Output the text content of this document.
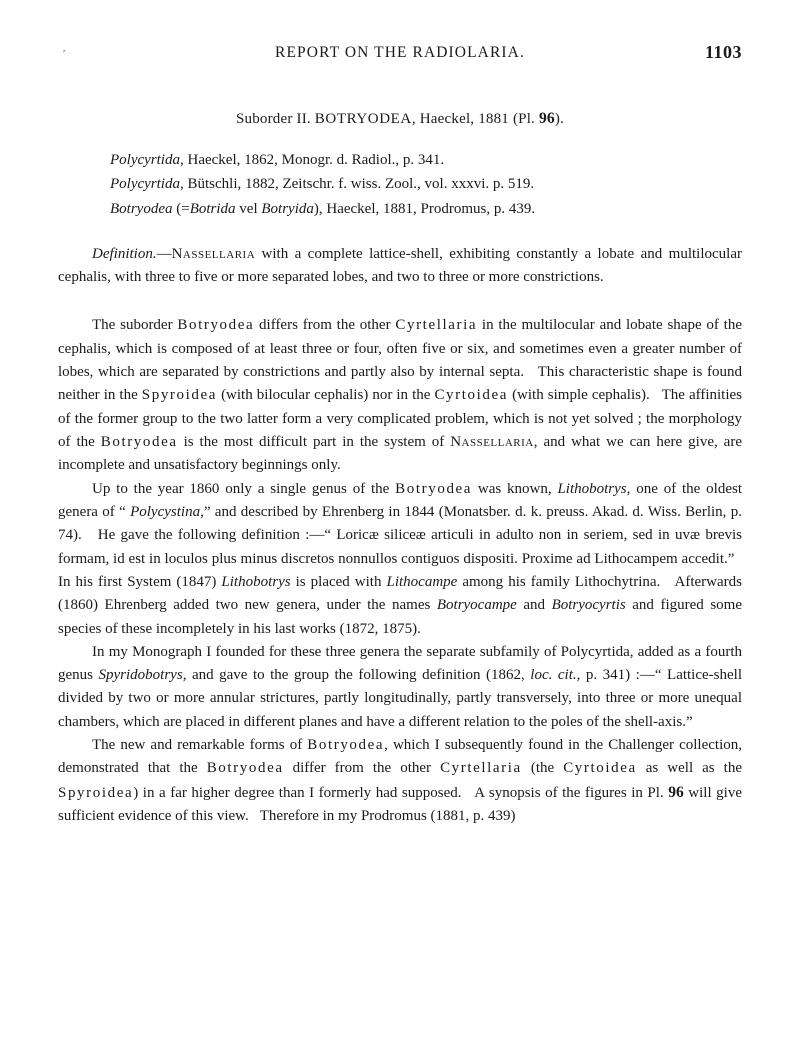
′	REPORT ON THE RADIOLARIA.	1103
Suborder II. BOTRYODEA, Haeckel, 1881 (Pl. 96).
Polycyrtida, Haeckel, 1862, Monogr. d. Radiol., p. 341.
Polycyrtida, Bütschli, 1882, Zeitschr. f. wiss. Zool., vol. xxxvi. p. 519.
Botryodea (=Botrida vel Botryida), Haeckel, 1881, Prodromus, p. 439.
Definition.—Nassellaria with a complete lattice-shell, exhibiting constantly a lobate and multilocular cephalis, with three to five or more separated lobes, and two to three or more constrictions.

The suborder Botryodea differs from the other Cyrtellaria in the multilocular and lobate shape of the cephalis, which is composed of at least three or four, often five or six, and sometimes even a greater number of lobes, which are separated by constrictions and partly also by internal septa.   This characteristic shape is found neither in the Spyroidea (with bilocular cephalis) nor in the Cyrtoidea (with simple cephalis).   The affinities of the former group to the two latter form a very complicated problem, which is not yet solved ; the morphology of the Botryodea is the most difficult part in the system of Nassellaria, and what we can here give, are incomplete and unsatisfactory beginnings only.

Up to the year 1860 only a single genus of the Botryodea was known, Lithobotrys, one of the oldest genera of “ Polycystina,” and described by Ehrenberg in 1844 (Monatsber. d. k. preuss. Akad. d. Wiss. Berlin, p. 74).   He gave the following definition :—“ Loricæ siliceæ articuli in adulto non in seriem, sed in uvæ brevis formam, id est in loculos plus minus discretos nonnullos contiguos dispositi. Proxime ad Lithocampem accedit.”   In his first System (1847) Lithobotrys is placed with Lithocampe among his family Lithochytrina.   Afterwards (1860) Ehrenberg added two new genera, under the names Botryocampe and Botryocyrtis and figured some species of these incompletely in his last works (1872, 1875).

In my Monograph I founded for these three genera the separate subfamily of Polycyrtida, added as a fourth genus Spyridobotrys, and gave to the group the following definition (1862, loc. cit., p. 341) :—“ Lattice-shell divided by two or more annular strictures, partly longitudinally, partly transversely, into three or more unequal chambers, which are placed in different planes and have a different relation to the poles of the shell-axis.”

The new and remarkable forms of Botryodea, which I subsequently found in the Challenger collection, demonstrated that the Botryodea differ from the other Cyrtellaria (the Cyrtoidea as well as the Spyroidea) in a far higher degree than I formerly had supposed.   A synopsis of the figures in Pl. 96 will give sufficient evidence of this view.   Therefore in my Prodromus (1881, p. 439)
